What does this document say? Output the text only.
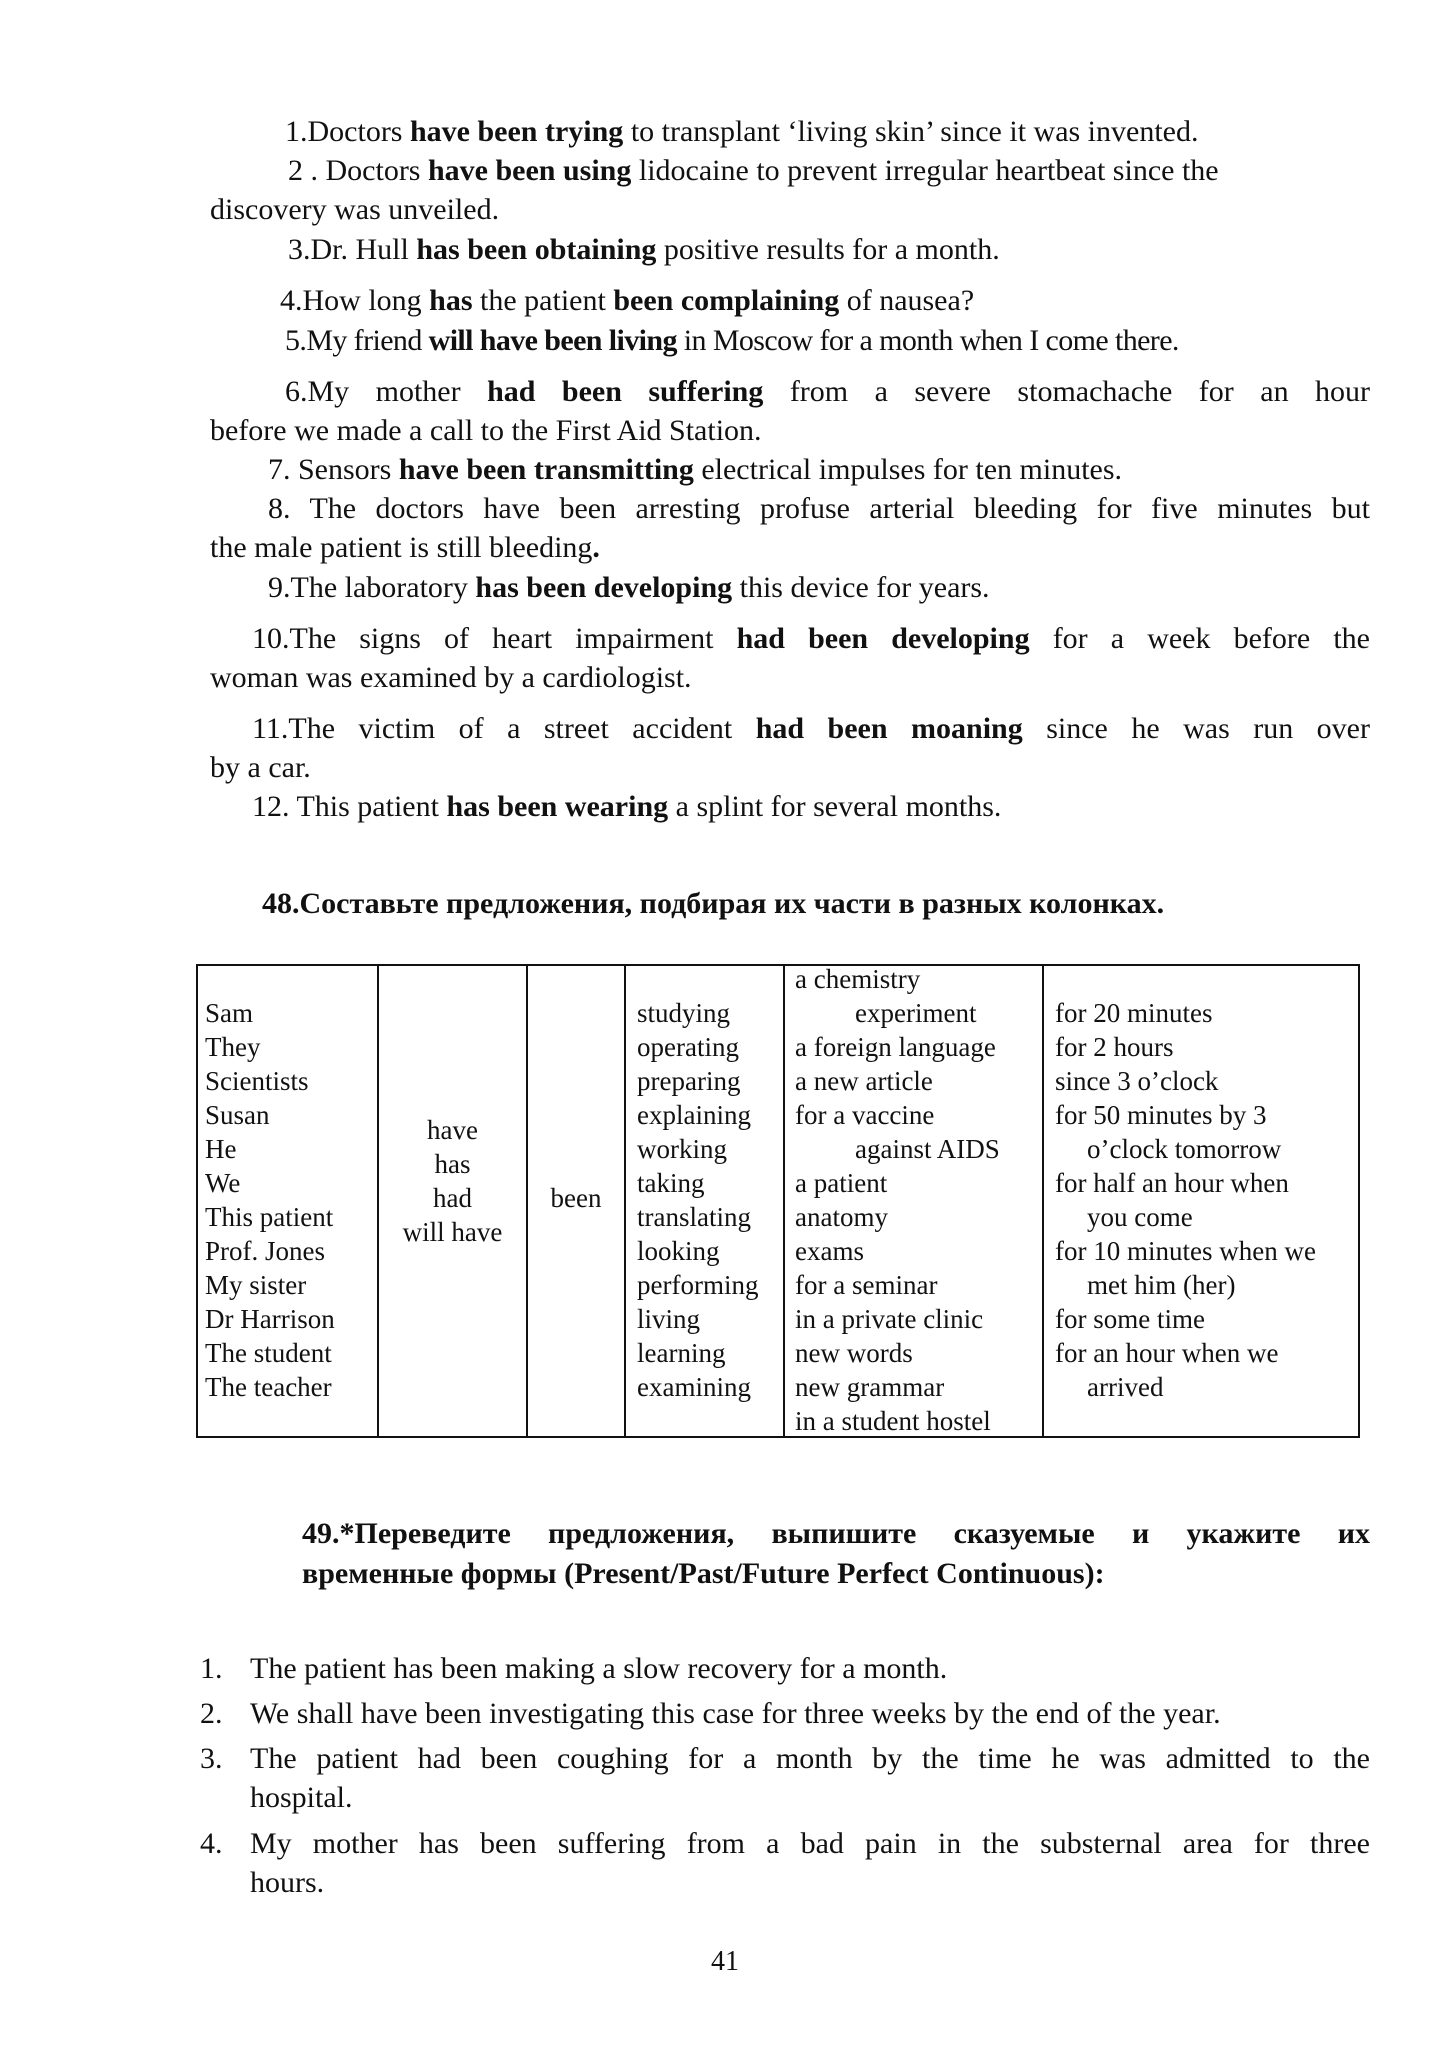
1.Doctors have been trying to transplant ‘living skin’ since it was invented.
2 . Doctors have been using lidocaine to prevent irregular heartbeat since the
discovery was unveiled.
3.Dr. Hull has been obtaining positive results for a month.
4.How long has the patient been complaining of nausea?
5.My friend will have been living in Moscow for a month when I come there.
6.My mother had been suffering from a severe stomachache for an hour
before we made a call to the First Aid Station.
7. Sensors have been transmitting electrical impulses for ten minutes.
8. The doctors have been arresting profuse arterial bleeding for five minutes but
the male patient is still bleeding.
9.The laboratory has been developing this device for years.
10.The signs of heart impairment had been developing for a week before the
woman was examined by a cardiologist.
11.The victim of a street accident had been moaning since he was run over
by a car.
12. This patient has been wearing a splint for several months.
48.Составьте предложения, подбирая их части в разных колонках.
Sam
They
Scientists
Susan
He
We
This patient
Prof. Jones
My sister
Dr Harrison
The student
The teacher
have
has
had
will have
been
studying
operating
preparing
explaining
working
taking
translating
looking
performing
living
learning
examining
a chemistry
experiment
a foreign language
a new article
for a vaccine
against AIDS
a patient
anatomy
exams
for a seminar
in a private clinic
new words
new grammar
in a student hostel
for 20 minutes
for 2 hours
since 3 o’clock
for 50 minutes by 3
o’clock tomorrow
for half an hour when
you come
for 10 minutes when we
met him (her)
for some time
for an hour when we
arrived
49.*Переведите предложения, выпишите сказуемые и укажите их
временные формы (Present/Past/Future Perfect Continuous):
1. The patient has been making a slow recovery for a month.
2. We shall have been investigating this case for three weeks by the end of the year.
3. The patient had been coughing for a month by the time he was admitted to the
hospital.
4. My mother has been suffering from a bad pain in the substernal area for three
hours.
41
